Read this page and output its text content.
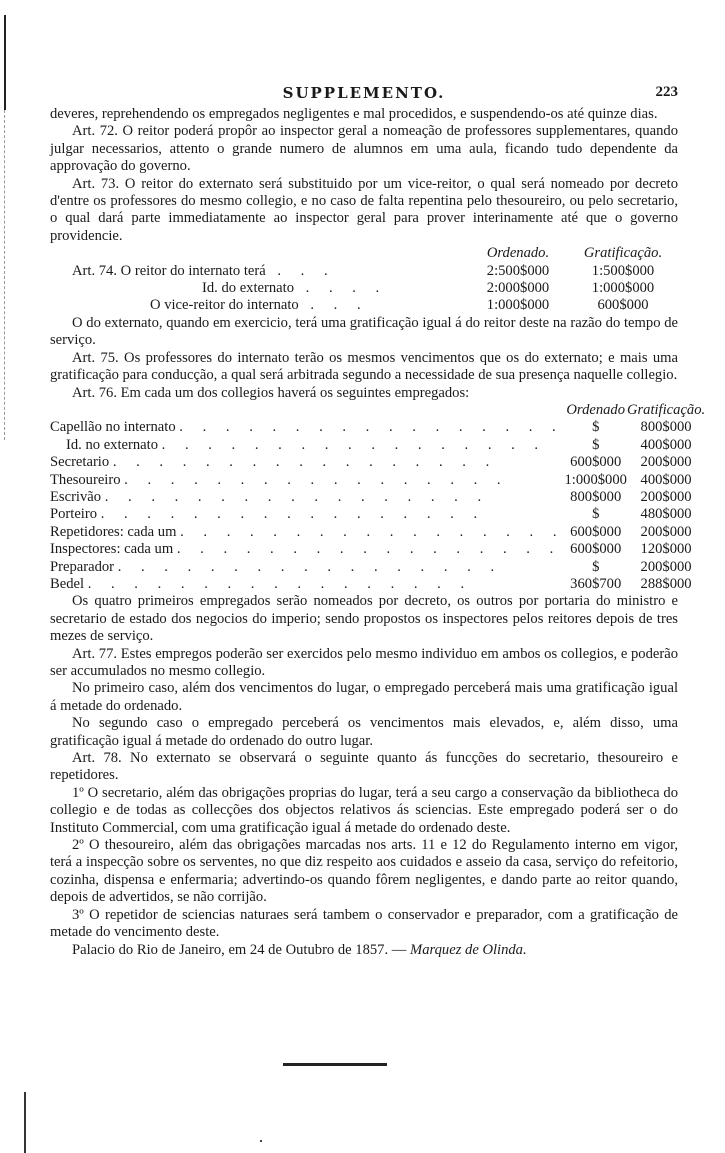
SUPPLEMENTO.	223

deveres, reprehendendo os empregados negligentes e mal procedidos, e suspendendo-os até quinze dias.

Art. 72. O reitor poderá propôr ao inspector geral a nomeação de professores supplementares, quando julgar necessarios, attento o grande numero de alumnos em uma aula, ficando tudo dependente da approvação do governo.

Art. 73. O reitor do externato será substituido por um vice-reitor, o qual será nomeado por decreto d'entre os professores do mesmo collegio, e no caso de falta repentina pelo thesoureiro, ou pelo secretario, o qual dará parte immediatamente ao inspector geral para prover interinamente até que o governo providencie.

	Ordenado.	Gratificação.
Art. 74. O reitor do internato terá . . .	2:500$000	1:500$000
Id. do externato . . . .	2:000$000	1:000$000
O vice-reitor do internato . . .	1:000$000	600$000

O do externato, quando em exercicio, terá uma gratificação igual á do reitor deste na razão do tempo de serviço.

Art. 75. Os professores do internato terão os mesmos vencimentos que os do externato; e mais uma gratificação para conducção, a qual será arbitrada segundo a necessidade de sua presença naquelle collegio.

Art. 76. Em cada um dos collegios haverá os seguintes empregados:

	Ordenado	Gratificação.
Capellão no internato . . . . . . . . . . . . . . . . .	$	800$000
Id. no externato . . . . . . . . . . . . . . . . .	$	400$000
Secretario . . . . . . . . . . . . . . . . .	600$000	200$000
Thesoureiro . . . . . . . . . . . . . . . . .	1:000$000	400$000
Escrivão . . . . . . . . . . . . . . . . .	800$000	200$000
Porteiro . . . . . . . . . . . . . . . . .	$	480$000
Repetidores: cada um . . . . . . . . . . . . . . . . .	600$000	200$000
Inspectores: cada um . . . . . . . . . . . . . . . . .	600$000	120$000
Preparador . . . . . . . . . . . . . . . . .	$	200$000
Bedel . . . . . . . . . . . . . . . . .	360$700	288$000

Os quatro primeiros empregados serão nomeados por decreto, os outros por portaria do ministro e secretario de estado dos negocios do imperio; sendo propostos os inspectores pelos reitores depois de tres mezes de serviço.

Art. 77. Estes empregos poderão ser exercidos pelo mesmo individuo em ambos os collegios, e poderão ser accumulados no mesmo collegio.

No primeiro caso, além dos vencimentos do lugar, o empregado perceberá mais uma gratificação igual á metade do ordenado.

No segundo caso o empregado perceberá os vencimentos mais elevados, e, além disso, uma gratificação igual á metade do ordenado do outro lugar.

Art. 78. No externato se observará o seguinte quanto ás funcções do secretario, thesoureiro e repetidores.

1º O secretario, além das obrigações proprias do lugar, terá a seu cargo a conservação da bibliotheca do collegio e de todas as collecções dos objectos relativos ás sciencias. Este empregado poderá ser o do Instituto Commercial, com uma gratificação igual á metade do ordenado deste.

2º O thesoureiro, além das obrigações marcadas nos arts. 11 e 12 do Regulamento interno em vigor, terá a inspecção sobre os serventes, no que diz respeito aos cuidados e asseio da casa, serviço do refeitorio, cozinha, dispensa e enfermaria; advertindo-os quando fôrem negligentes, e dando parte ao reitor quando, depois de advertidos, se não corrijão.

3º O repetidor de sciencias naturaes será tambem o conservador e preparador, com a gratificação de metade do vencimento deste.

Palacio do Rio de Janeiro, em 24 de Outubro de 1857. — Marquez de Olinda.
